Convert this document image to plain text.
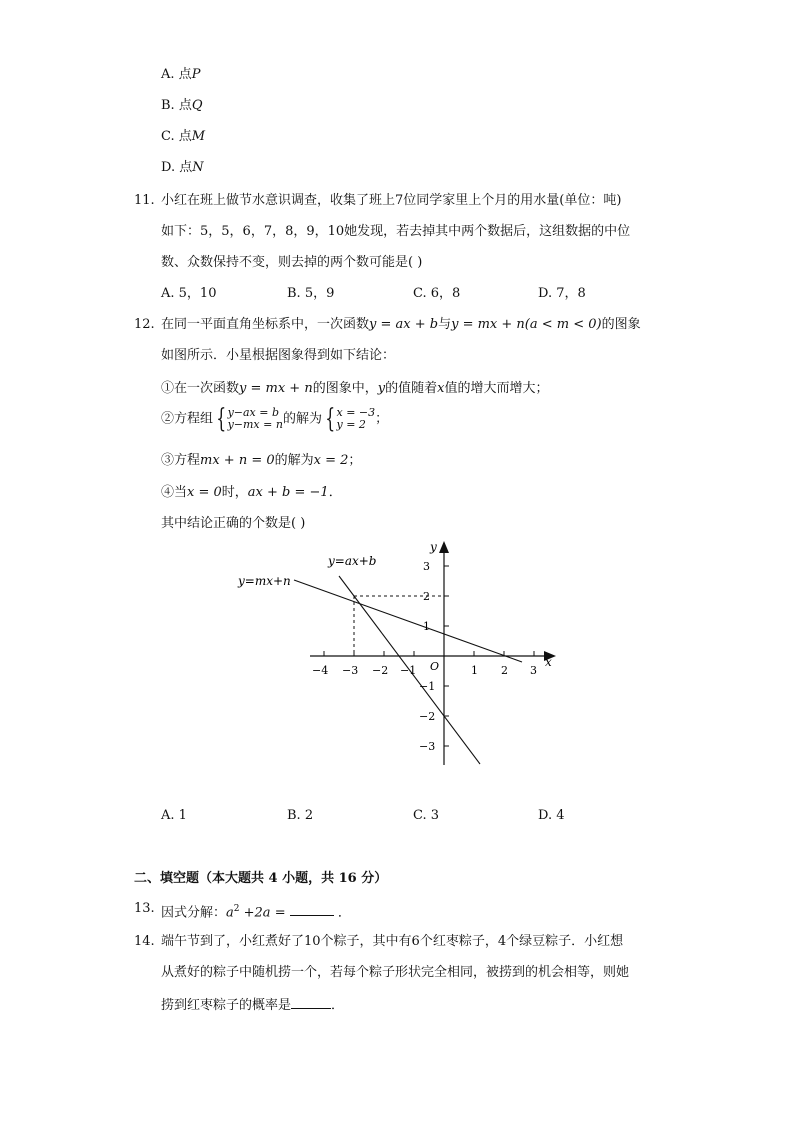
A. 点P
B. 点Q
C. 点M
D. 点N
11. 小红在班上做节水意识调查，收集了班上7位同学家里上个月的用水量(单位：吨)
如下：5，5，6，7，8，9，10她发现，若去掉其中两个数据后，这组数据的中位
数、众数保持不变，则去掉的两个数可能是( )
A. 5，10	B. 5，9	C. 6，8	D. 7，8
12. 在同一平面直角坐标系中，一次函数y = ax + b与y = mx + n(a < m < 0)的图象
如图所示．小星根据图象得到如下结论：
①在一次函数y = mx + n的图象中，y的值随着x值的增大而增大；
②方程组 {y−ax = b
y−mx = n的解为 {x = −3
y = 2 ；
③方程mx + n = 0的解为x = 2；
④当x = 0时，ax + b = −1．
其中结论正确的个数是( )
y=ax+b
y=mx+n
x
y
O
−4 −3 −2 −1	1 2 3
3
2
1
−1
−2
−3
A. 1	B. 2	C. 3	D. 4
二、填空题（本大题共 4 小题，共 16 分）
13. 因式分解：$a^2 +2a$ =	．
14. 端午节到了，小红煮好了10个粽子，其中有6个红枣粽子，4个绿豆粽子．小红想
从煮好的粽子中随机捞一个，若每个粽子形状完全相同，被捞到的机会相等，则她
捞到红枣粽子的概率是	．
